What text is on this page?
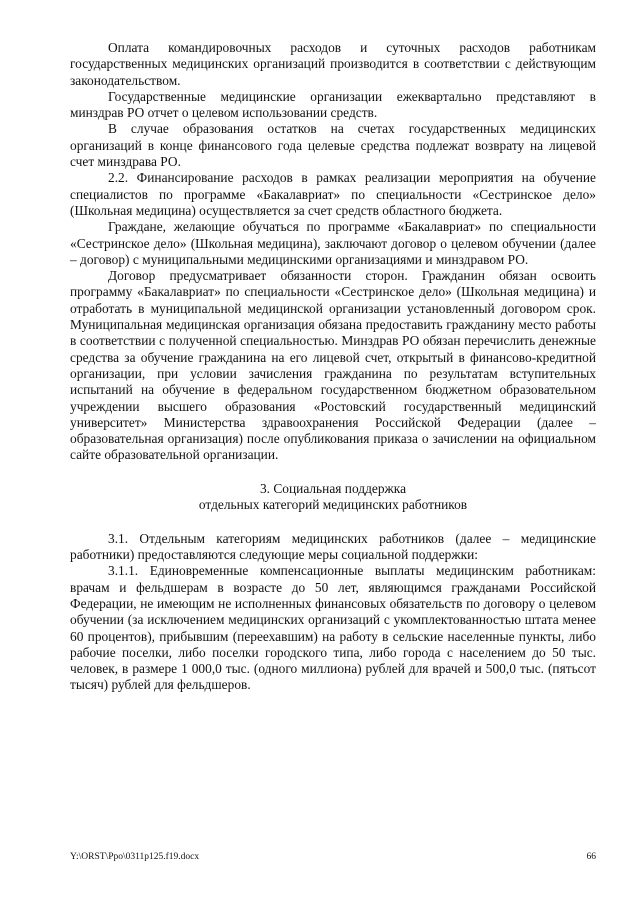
Оплата командировочных расходов и суточных расходов работникам государственных медицинских организаций производится в соответствии с действующим законодательством.

Государственные медицинские организации ежеквартально представляют в минздрав РО отчет о целевом использовании средств.

В случае образования остатков на счетах государственных медицинских организаций в конце финансового года целевые средства подлежат возврату на лицевой счет минздрава РО.

2.2. Финансирование расходов в рамках реализации мероприятия на обучение специалистов по программе «Бакалавриат» по специальности «Сестринское дело» (Школьная медицина) осуществляется за счет средств областного бюджета.

Граждане, желающие обучаться по программе «Бакалавриат» по специальности «Сестринское дело» (Школьная медицина), заключают договор о целевом обучении (далее – договор) с муниципальными медицинскими организациями и минздравом РО.

Договор предусматривает обязанности сторон. Гражданин обязан освоить программу «Бакалавриат» по специальности «Сестринское дело» (Школьная медицина) и отработать в муниципальной медицинской организации установленный договором срок. Муниципальная медицинская организация обязана предоставить гражданину место работы в соответствии с полученной специальностью. Минздрав РО обязан перечислить денежные средства за обучение гражданина на его лицевой счет, открытый в финансово-кредитной организации, при условии зачисления гражданина по результатам вступительных испытаний на обучение в федеральном государственном бюджетном образовательном учреждении высшего образования «Ростовский государственный медицинский университет» Министерства здравоохранения Российской Федерации (далее – образовательная организация) после опубликования приказа о зачислении на официальном сайте образовательной организации.

3. Социальная поддержка

отдельных категорий медицинских работников

3.1. Отдельным категориям медицинских работников (далее – медицинские работники) предоставляются следующие меры социальной поддержки:

3.1.1. Единовременные компенсационные выплаты медицинским работникам: врачам и фельдшерам в возрасте до 50 лет, являющимся гражданами Российской Федерации, не имеющим не исполненных финансовых обязательств по договору о целевом обучении (за исключением медицинских организаций с укомплектованностью штата менее 60 процентов), прибывшим (переехавшим) на работу в сельские населенные пункты, либо рабочие поселки, либо поселки городского типа, либо города с населением до 50 тыс. человек, в размере 1 000,0 тыс. (одного миллиона) рублей для врачей и 500,0 тыс. (пятьсот тысяч) рублей для фельдшеров.

Y:\ORST\Ppo\0311p125.f19.docx	66
